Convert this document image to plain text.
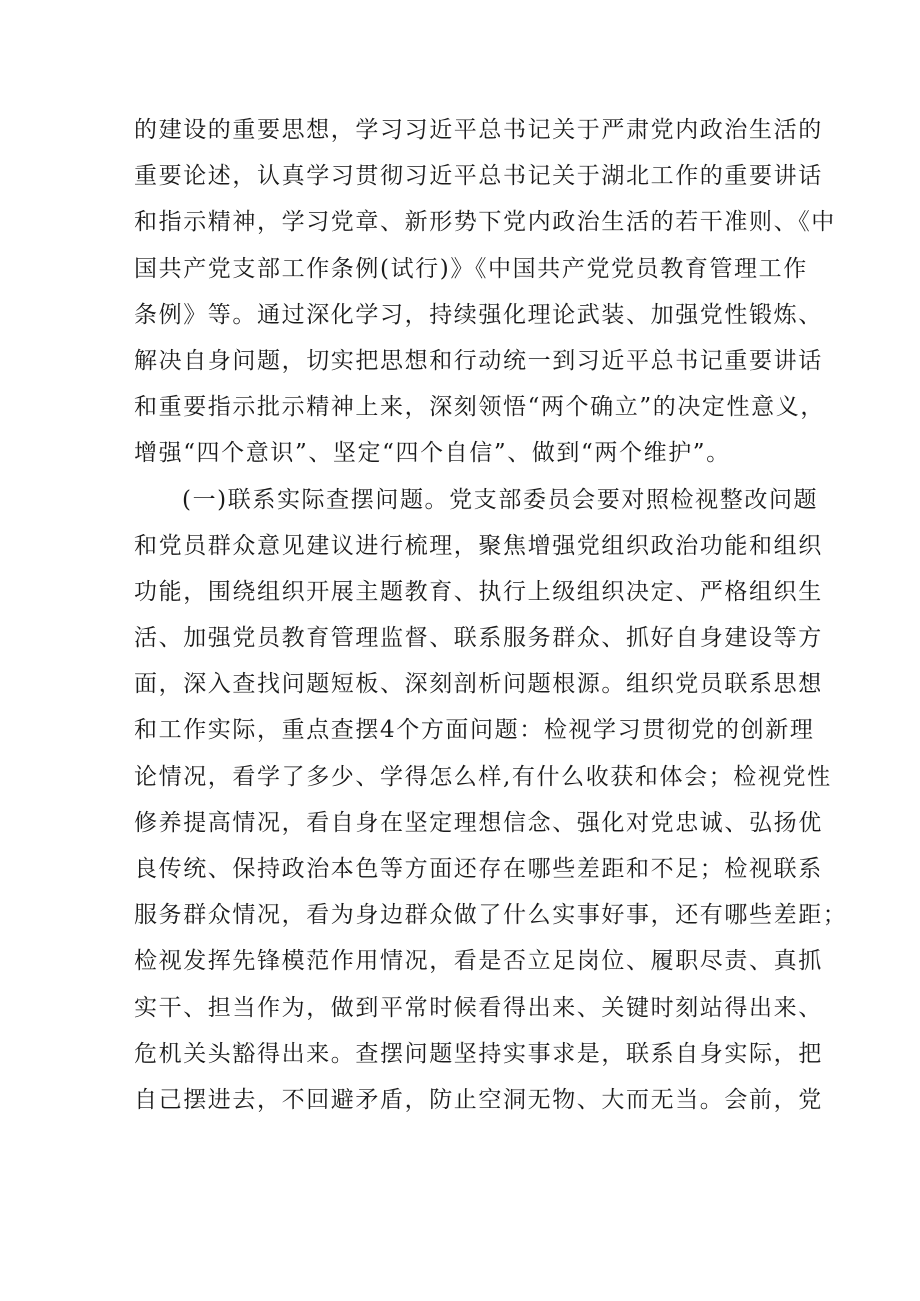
的建设的重要思想，学习习近平总书记关于严肃党内政治生活的
重要论述，认真学习贯彻习近平总书记关于湖北工作的重要讲话
和指示精神，学习党章、新形势下党内政治生活的若干准则、《中
国共产党支部工作条例(试行)》《中国共产党党员教育管理工作
条例》等。通过深化学习，持续强化理论武装、加强党性锻炼、
解决自身问题，切实把思想和行动统一到习近平总书记重要讲话
和重要指示批示精神上来，深刻领悟“两个确立”的决定性意义，
增强“四个意识”、坚定“四个自信”、做到“两个维护”。
(一)联系实际查摆问题。党支部委员会要对照检视整改问题
和党员群众意见建议进行梳理，聚焦增强党组织政治功能和组织
功能，围绕组织开展主题教育、执行上级组织决定、严格组织生
活、加强党员教育管理监督、联系服务群众、抓好自身建设等方
面，深入查找问题短板、深刻剖析问题根源。组织党员联系思想
和工作实际，重点查摆4个方面问题：检视学习贯彻党的创新理
论情况，看学了多少、学得怎么样,有什么收获和体会；检视党性
修养提高情况，看自身在坚定理想信念、强化对党忠诚、弘扬优
良传统、保持政治本色等方面还存在哪些差距和不足；检视联系
服务群众情况，看为身边群众做了什么实事好事，还有哪些差距；
检视发挥先锋模范作用情况，看是否立足岗位、履职尽责、真抓
实干、担当作为，做到平常时候看得出来、关键时刻站得出来、
危机关头豁得出来。查摆问题坚持实事求是，联系自身实际，把
自己摆进去，不回避矛盾，防止空洞无物、大而无当。会前，党
